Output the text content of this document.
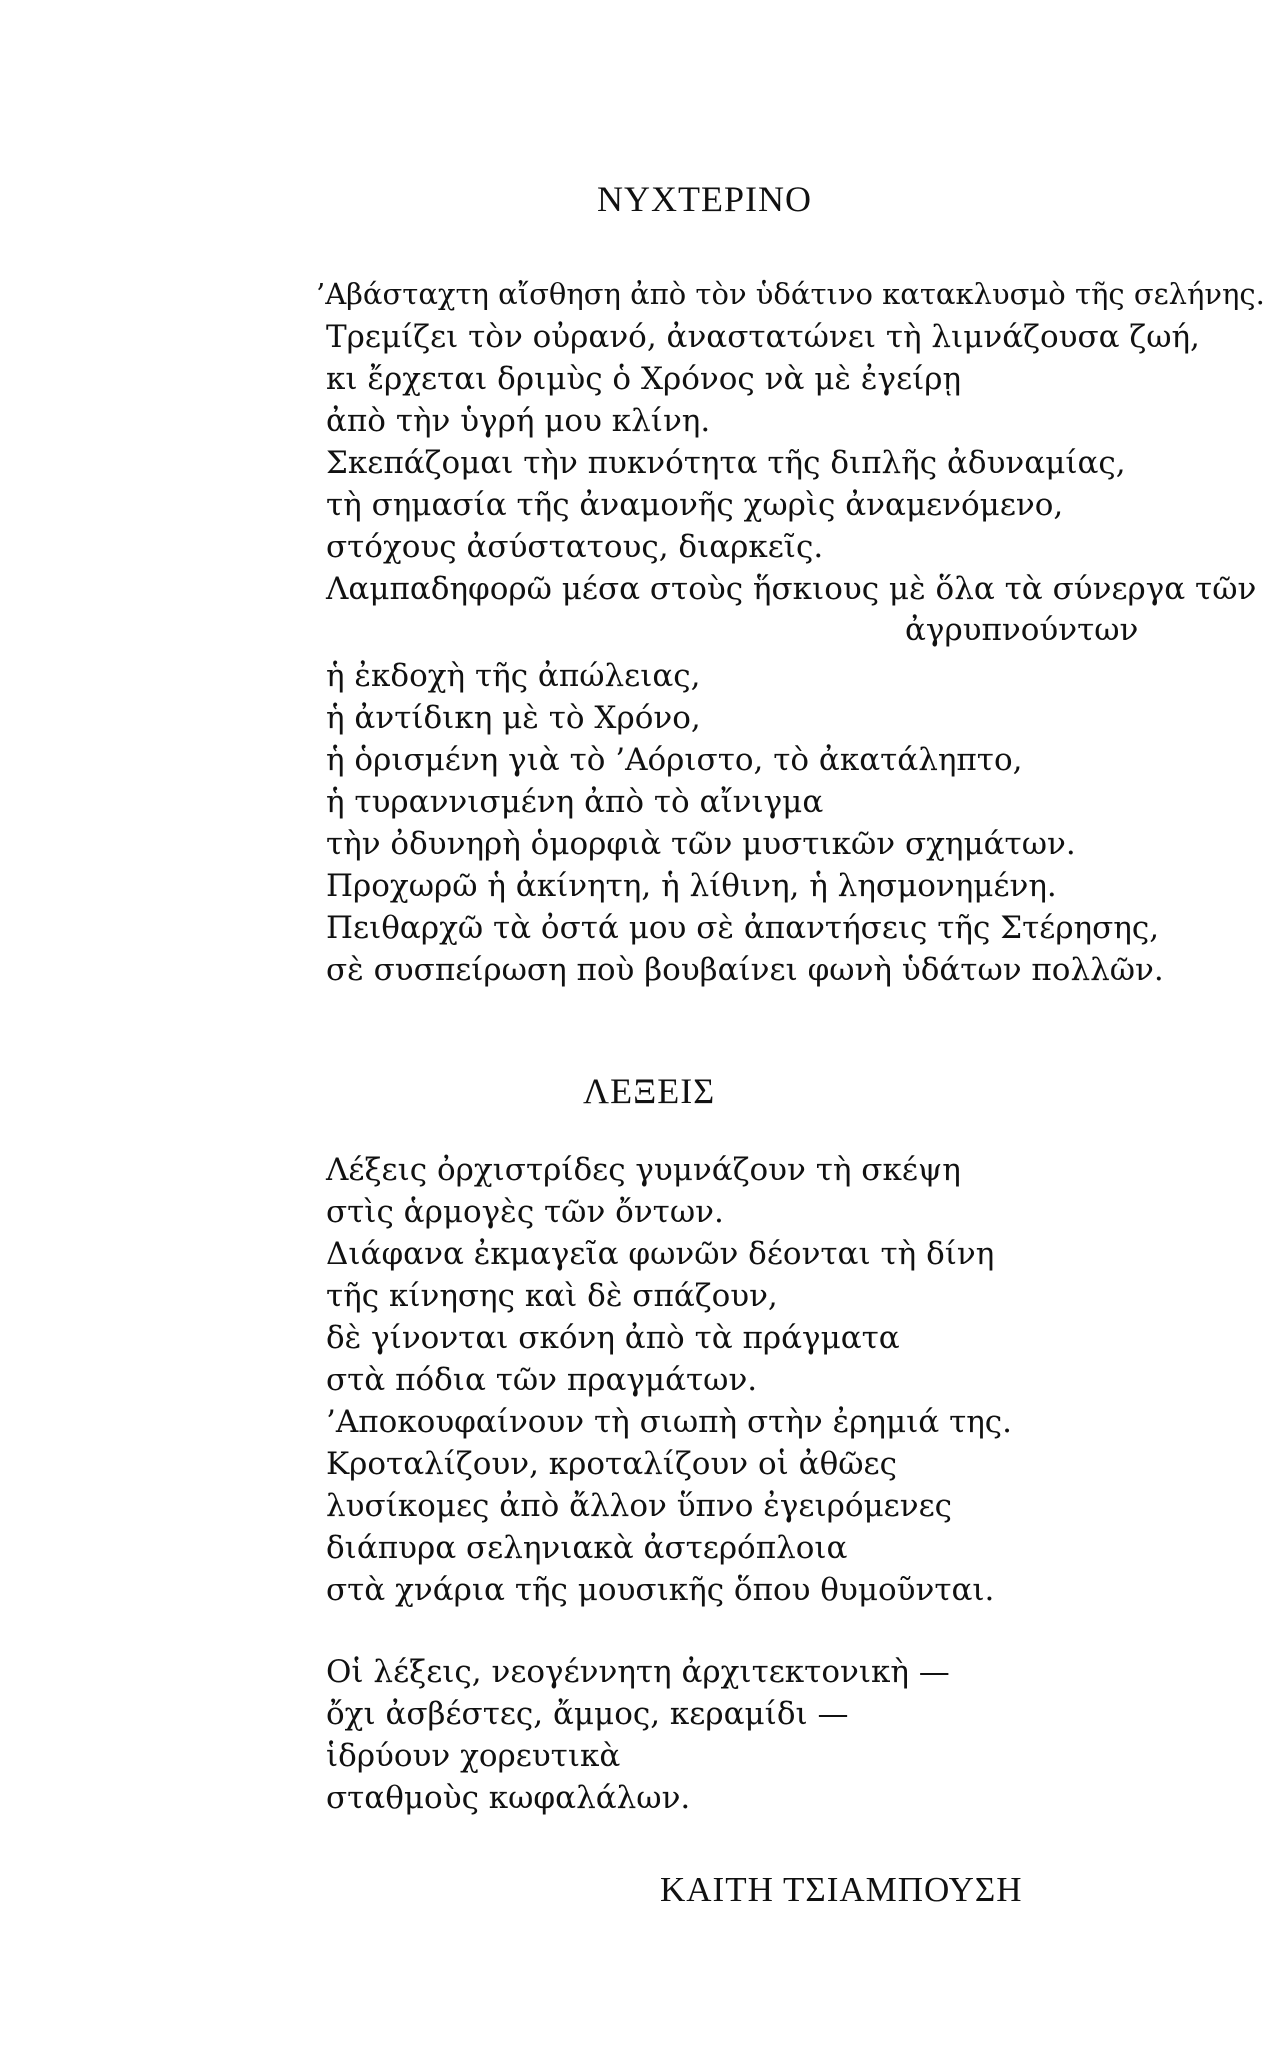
ΝΥΧΤΕΡΙΝΟ
’Αβάσταχτη αἴσθηση ἀπὸ τὸν ὑδάτινο κατακλυσμὸ τῆς σελήνης.
Τρεμίζει τὸν οὐρανό, ἀναστατώνει τὴ λιμνάζουσα ζωή,
κι ἔρχεται δριμὺς ὁ Χρόνος νὰ μὲ ἐγείρῃ
ἀπὸ τὴν ὑγρή μου κλίνη.
Σκεπάζομαι τὴν πυκνότητα τῆς διπλῆς ἀδυναμίας,
τὴ σημασία τῆς ἀναμονῆς χωρὶς ἀναμενόμενο,
στόχους ἀσύστατους, διαρκεῖς.
Λαμπαδηφορῶ μέσα στοὺς ἥσκιους μὲ ὅλα τὰ σύνεργα τῶν
ἀγρυπνούντων
ἡ ἐκδοχὴ τῆς ἀπώλειας,
ἡ ἀντίδικη μὲ τὸ Χρόνο,
ἡ ὁρισμένη γιὰ τὸ ’Αόριστο, τὸ ἀκατάληπτο,
ἡ τυραννισμένη ἀπὸ τὸ αἴνιγμα
τὴν ὀδυνηρὴ ὁμορφιὰ τῶν μυστικῶν σχημάτων.
Προχωρῶ ἡ ἀκίνητη, ἡ λίθινη, ἡ λησμονημένη.
Πειθαρχῶ τὰ ὀστά μου σὲ ἀπαντήσεις τῆς Στέρησης,
σὲ συσπείρωση ποὺ βουβαίνει φωνὴ ὑδάτων πολλῶν.
ΛΕΞΕΙΣ
Λέξεις ὀρχιστρίδες γυμνάζουν τὴ σκέψη
στὶς ἁρμογὲς τῶν ὄντων.
Διάφανα ἐκμαγεῖα φωνῶν δέονται τὴ δίνη
τῆς κίνησης καὶ δὲ σπάζουν,
δὲ γίνονται σκόνη ἀπὸ τὰ πράγματα
στὰ πόδια τῶν πραγμάτων.
’Αποκουφαίνουν τὴ σιωπὴ στὴν ἐρημιά της.
Κροταλίζουν, κροταλίζουν οἱ ἀθῶες
λυσίκομες ἀπὸ ἄλλον ὕπνο ἐγειρόμενες
διάπυρα σεληνιακὰ ἀστερόπλοια
στὰ χνάρια τῆς μουσικῆς ὅπου θυμοῦνται.
Οἱ λέξεις, νεογέννητη ἀρχιτεκτονικὴ —
ὄχι ἀσβέστες, ἄμμος, κεραμίδι —
ἱδρύουν χορευτικὰ
σταθμοὺς κωφαλάλων.
ΚΑΙΤΗ ΤΣΙΑΜΠΟΥΣΗ
